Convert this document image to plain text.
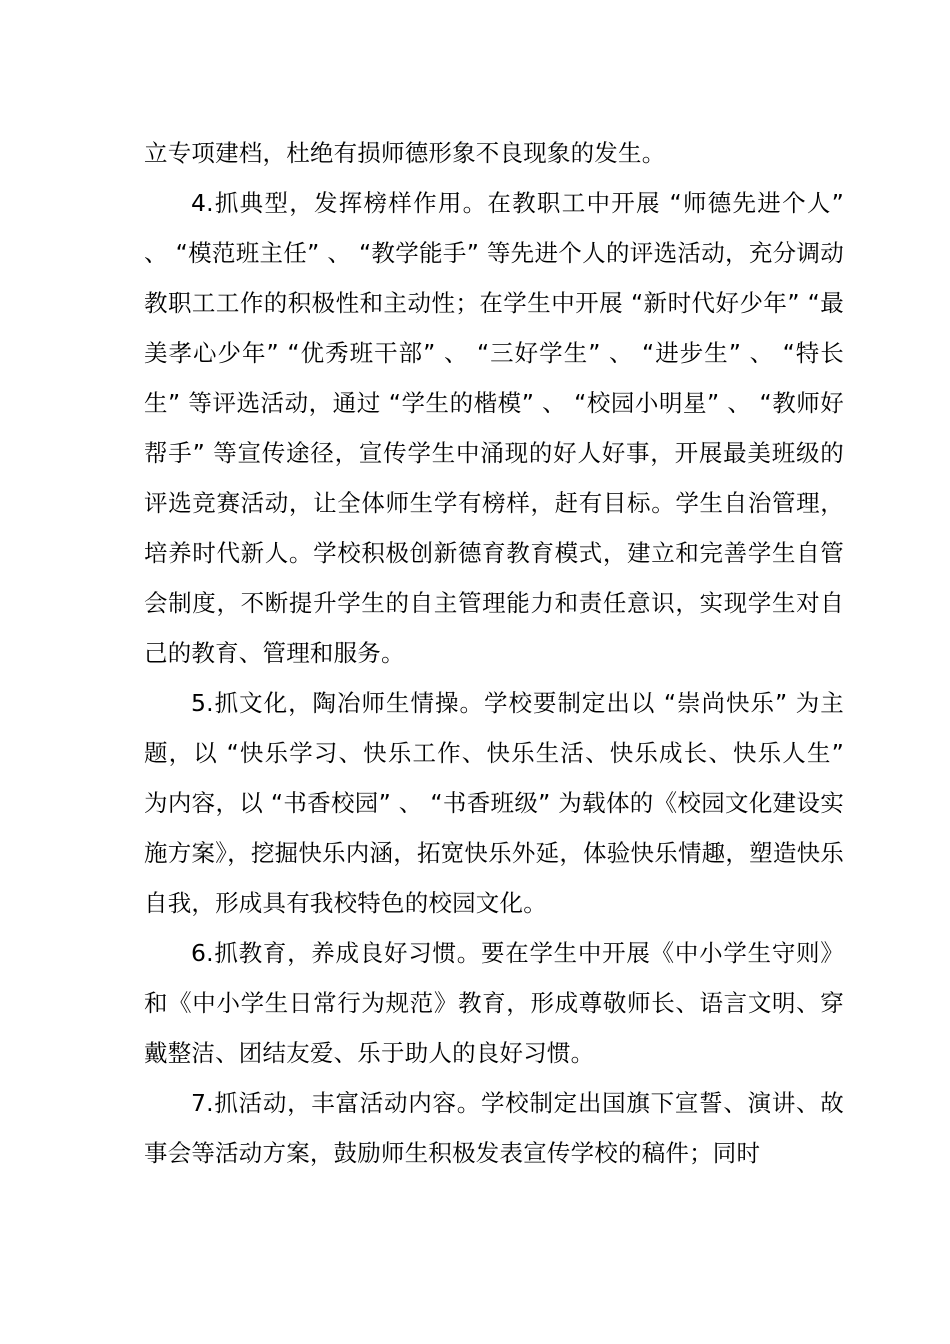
立专项建档，杜绝有损师德形象不良现象的发生。

4.抓典型，发挥榜样作用。在教职工中开展 “师德先进个人” 、 “模范班主任” 、 “教学能手” 等先进个人的评选活动，充分调动教职工工作的积极性和主动性；在学生中开展 “新时代好少年” “最美孝心少年” “优秀班干部” 、 “三好学生” 、 “进步生” 、 “特长生” 等评选活动，通过 “学生的楷模” 、 “校园小明星” 、 “教师好帮手” 等宣传途径，宣传学生中涌现的好人好事，开展最美班级的评选竞赛活动，让全体师生学有榜样，赶有目标。学生自治管理，培养时代新人。学校积极创新德育教育模式，建立和完善学生自管会制度，不断提升学生的自主管理能力和责任意识，实现学生对自己的教育、管理和服务。

5.抓文化，陶冶师生情操。学校要制定出以 “崇尚快乐” 为主题，以 “快乐学习、快乐工作、快乐生活、快乐成长、快乐人生” 为内容，以 “书香校园” 、 “书香班级” 为载体的《校园文化建设实施方案》，挖掘快乐内涵，拓宽快乐外延，体验快乐情趣，塑造快乐自我，形成具有我校特色的校园文化。

6.抓教育，养成良好习惯。要在学生中开展《中小学生守则》和《中小学生日常行为规范》教育，形成尊敬师长、语言文明、穿戴整洁、团结友爱、乐于助人的良好习惯。

7.抓活动，丰富活动内容。学校制定出国旗下宣誓、演讲、故事会等活动方案，鼓励师生积极发表宣传学校的稿件；同时
